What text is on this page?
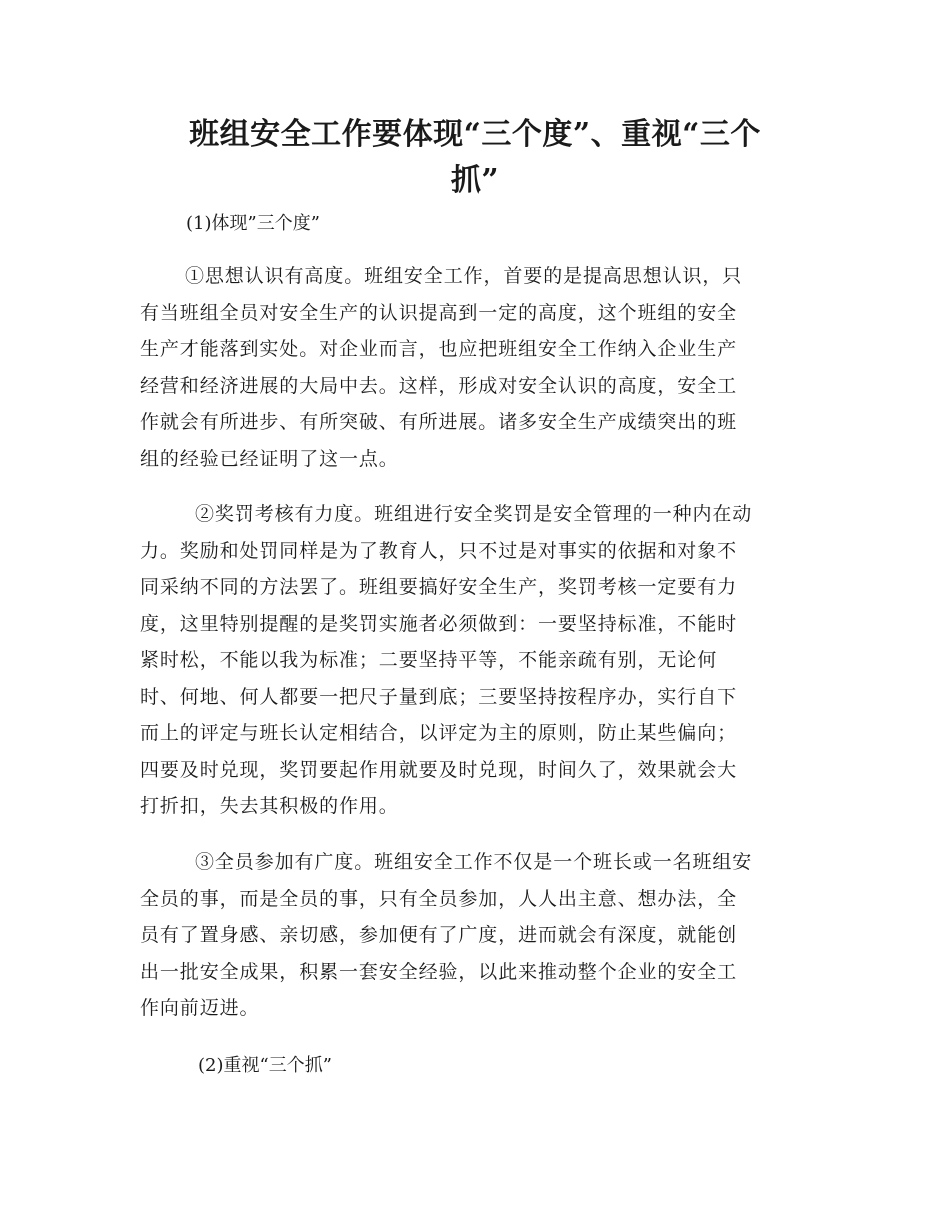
班组安全工作要体现“三个度”、重视“三个
抓”

(1)体现”三个度”

①思想认识有高度。班组安全工作，首要的是提高思想认识，只
有当班组全员对安全生产的认识提高到一定的高度，这个班组的安全
生产才能落到实处。对企业而言，也应把班组安全工作纳入企业生产
经营和经济进展的大局中去。这样，形成对安全认识的高度，安全工
作就会有所进步、有所突破、有所进展。诸多安全生产成绩突出的班
组的经验已经证明了这一点。
②奖罚考核有力度。班组进行安全奖罚是安全管理的一种内在动
力。奖励和处罚同样是为了教育人，只不过是对事实的依据和对象不
同采纳不同的方法罢了。班组要搞好安全生产，奖罚考核一定要有力
度，这里特别提醒的是奖罚实施者必须做到：一要坚持标准，不能时
紧时松，不能以我为标准；二要坚持平等，不能亲疏有别，无论何
时、何地、何人都要一把尺子量到底；三要坚持按程序办，实行自下
而上的评定与班长认定相结合，以评定为主的原则，防止某些偏向；
四要及时兑现，奖罚要起作用就要及时兑现，时间久了，效果就会大
打折扣，失去其积极的作用。
③全员参加有广度。班组安全工作不仅是一个班长或一名班组安
全员的事，而是全员的事，只有全员参加，人人出主意、想办法，全
员有了置身感、亲切感，参加便有了广度，进而就会有深度，就能创
出一批安全成果，积累一套安全经验，以此来推动整个企业的安全工
作向前迈进。

(2)重视“三个抓”
